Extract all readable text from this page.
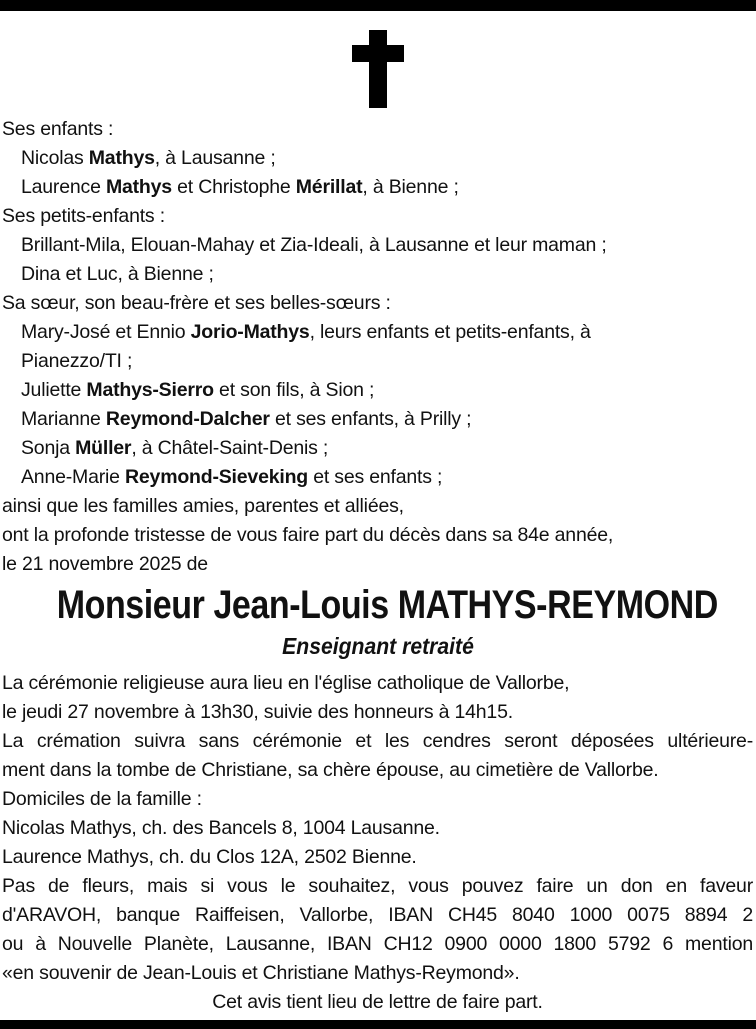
Ses enfants :
Nicolas Mathys, à Lausanne ;
Laurence Mathys et Christophe Mérillat, à Bienne ;
Ses petits-enfants :
Brillant-Mila, Elouan-Mahay et Zia-Ideali, à Lausanne et leur maman ;
Dina et Luc, à Bienne ;
Sa sœur, son beau-frère et ses belles-sœurs :
Mary-José et Ennio Jorio-Mathys, leurs enfants et petits-enfants, à
Pianezzo/TI ;
Juliette Mathys-Sierro et son fils, à Sion ;
Marianne Reymond-Dalcher et ses enfants, à Prilly ;
Sonja Müller, à Châtel-Saint-Denis ;
Anne-Marie Reymond-Sieveking et ses enfants ;
ainsi que les familles amies, parentes et alliées,
ont la profonde tristesse de vous faire part du décès dans sa 84e année,
le 21 novembre 2025 de
Monsieur Jean-Louis MATHYS-REYMOND
Enseignant retraité
La cérémonie religieuse aura lieu en l'église catholique de Vallorbe,
le jeudi 27 novembre à 13h30, suivie des honneurs à 14h15.
La crémation suivra sans cérémonie et les cendres seront déposées ultérieure-
ment dans la tombe de Christiane, sa chère épouse, au cimetière de Vallorbe.
Domiciles de la famille :
Nicolas Mathys, ch. des Bancels 8, 1004 Lausanne.
Laurence Mathys, ch. du Clos 12A, 2502 Bienne.
Pas de fleurs, mais si vous le souhaitez, vous pouvez faire un don en faveur
d'ARAVOH, banque Raiffeisen, Vallorbe, IBAN CH45 8040 1000 0075 8894 2
ou à Nouvelle Planète, Lausanne, IBAN CH12 0900 0000 1800 5792 6 mention
«en souvenir de Jean-Louis et Christiane Mathys-Reymond».
Cet avis tient lieu de lettre de faire part.
